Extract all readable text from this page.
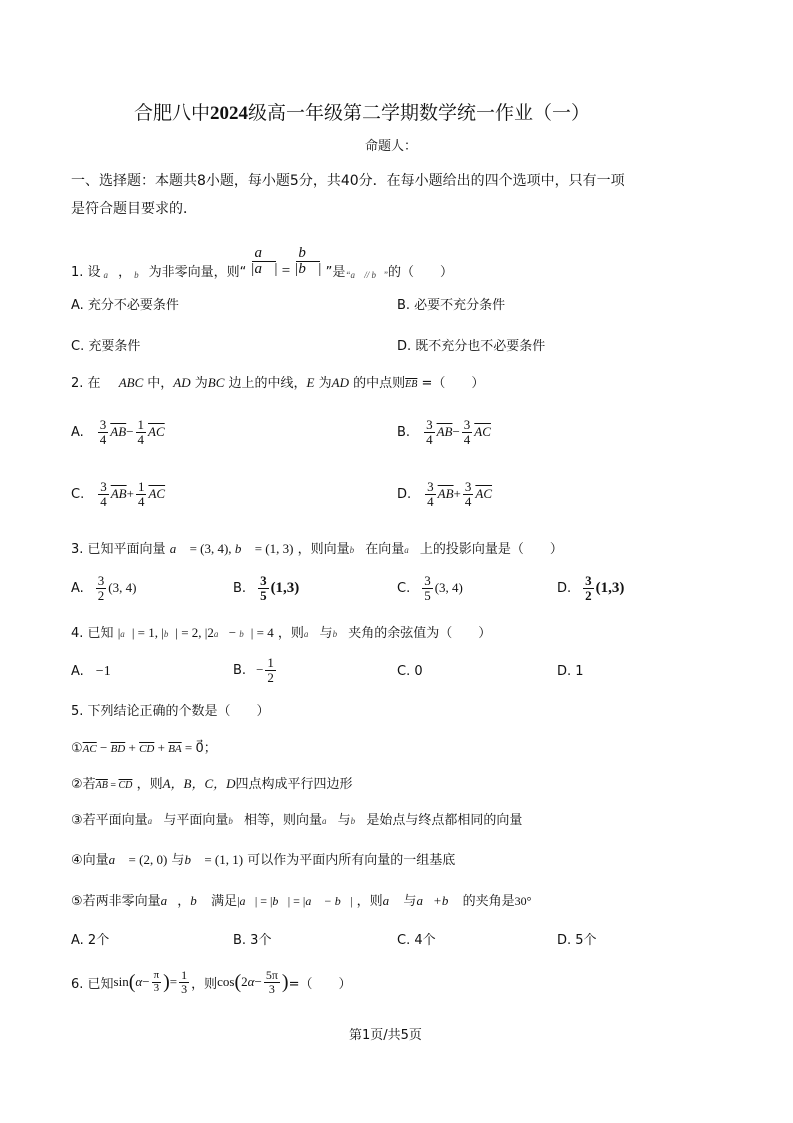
合肥八中2024级高一年级第二学期数学统一作业（一）
命题人：
一、选择题：本题共8小题，每小题5分，共40分．在每小题给出的四个选项中，只有一项
是符合题目要求的．
1. 设 a⃗ ， b⃗ 为非零向量，则 “ $\frac{a⃗}{|a⃗|} = \frac{b⃗}{|b⃗|}$ ” 是 “a⃗ // b⃗” 的（　　）
A. 充分不必要条件	B. 必要不充分条件
C. 充要条件	D. 既不充分也不必要条件
2. 在 ABC 中，AD 为BC 边上的中线，E 为AD 的中点则$\overline{EB}$ =（　　）
A. $\frac{3}{4} \overline{AB} - \frac{1}{4} \overline{AC}$	B. $\frac{3}{4} \overline{AB} - \frac{3}{4} \overline{AC}$
C. $\frac{3}{4} \overline{AB} + \frac{1}{4} \overline{AC}$	D. $\frac{3}{4} \overline{AB} + \frac{3}{4} \overline{AC}$
3. 已知平面向量 a⃗ = (3, 4), b⃗ = (1, 3) ，则向量b⃗ 在向量a⃗ 上的投影向量是（　　）
A. $\frac{3}{2} (3$, 4)	B. $\frac{3}{5} (1,3)$	C. $\frac{3}{5} (3$, 4)	D. $\frac{3}{2} (1,3)$
4. 已知 |a⃗| = 1, |b⃗| = 2, |2a⃗ − b⃗| = 4 ，则a⃗ 与b⃗ 夹角的余弦值为（　　）
A. −1	B. − $\frac{1}{2}$	C. 0	D. 1
5. 下列结论正确的个数是（　　）
$①\overline{AC} - \overline{BD} + \overline{CD} + \overline{BA}$ = 0⃗；
②若$\overline{AB} = \overline{CD}$ ，则A，B，C，D四点构成平行四边形
③若平面向量a⃗ 与平面向量b⃗ 相等，则向量a⃗ 与b⃗ 是始点与终点都相同的向量
④向量a⃗ = (2, 0) 与b⃗ = (1, 1) 可以作为平面内所有向量的一组基底
⑤若两非零向量a⃗，b⃗ 满足|a⃗| = |b⃗| = |a⃗ − b⃗| ，则a⃗ 与a⃗+b⃗ 的夹角是30°
A. 2个	B. 3个	C. 4个	D. 5个
6. 已知 sin ( $\alpha - \frac{\pi}{3}$ ) = $\frac{1}{3}$ ，则 cos ( 2 $\alpha - \frac{5\pi}{3}$ ) =（　　）
第1页/共5页
